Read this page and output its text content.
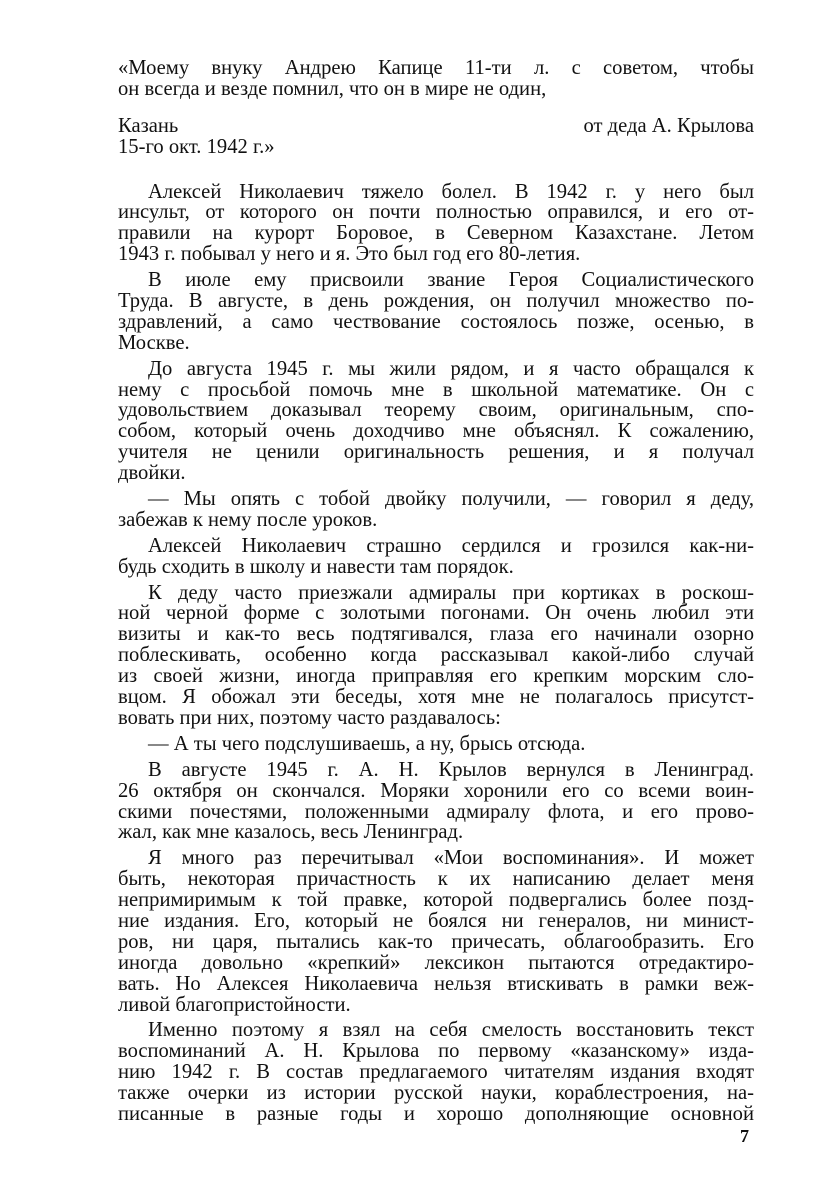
«Моему внуку Андрею Капице 11-ти л. с советом, чтобы
он всегда и везде помнил, что он в мире не один,
Казань	от деда А. Крылова
15-го окт. 1942 г.»
Алексей Николаевич тяжело болел. В 1942 г. у него был
инсульт, от которого он почти полностью оправился, и его от-
правили на курорт Боровое, в Северном Казахстане. Летом
1943 г. побывал у него и я. Это был год его 80-летия.
В июле ему присвоили звание Героя Социалистического
Труда. В августе, в день рождения, он получил множество по-
здравлений, а само чествование состоялось позже, осенью, в
Москве.
До августа 1945 г. мы жили рядом, и я часто обращался к
нему с просьбой помочь мне в школьной математике. Он с
удовольствием доказывал теорему своим, оригинальным, спо-
собом, который очень доходчиво мне объяснял. К сожалению,
учителя не ценили оригинальность решения, и я получал
двойки.
— Мы опять с тобой двойку получили, — говорил я деду,
забежав к нему после уроков.
Алексей Николаевич страшно сердился и грозился как-ни-
будь сходить в школу и навести там порядок.
К деду часто приезжали адмиралы при кортиках в роскош-
ной черной форме с золотыми погонами. Он очень любил эти
визиты и как-то весь подтягивался, глаза его начинали озорно
поблескивать, особенно когда рассказывал какой-либо случай
из своей жизни, иногда приправляя его крепким морским сло-
вцом. Я обожал эти беседы, хотя мне не полагалось присутст-
вовать при них, поэтому часто раздавалось:
— А ты чего подслушиваешь, а ну, брысь отсюда.
В августе 1945 г. А. Н. Крылов вернулся в Ленинград.
26 октября он скончался. Моряки хоронили его со всеми воин-
скими почестями, положенными адмиралу флота, и его прово-
жал, как мне казалось, весь Ленинград.
Я много раз перечитывал «Мои воспоминания». И может
быть, некоторая причастность к их написанию делает меня
непримиримым к той правке, которой подвергались более позд-
ние издания. Его, который не боялся ни генералов, ни минист-
ров, ни царя, пытались как-то причесать, облагообразить. Его
иногда довольно «крепкий» лексикон пытаются отредактиро-
вать. Но Алексея Николаевича нельзя втискивать в рамки веж-
ливой благопристойности.
Именно поэтому я взял на себя смелость восстановить текст
воспоминаний А. Н. Крылова по первому «казанскому» изда-
нию 1942 г. В состав предлагаемого читателям издания входят
также очерки из истории русской науки, кораблестроения, на-
писанные в разные годы и хорошо дополняющие основной
7
